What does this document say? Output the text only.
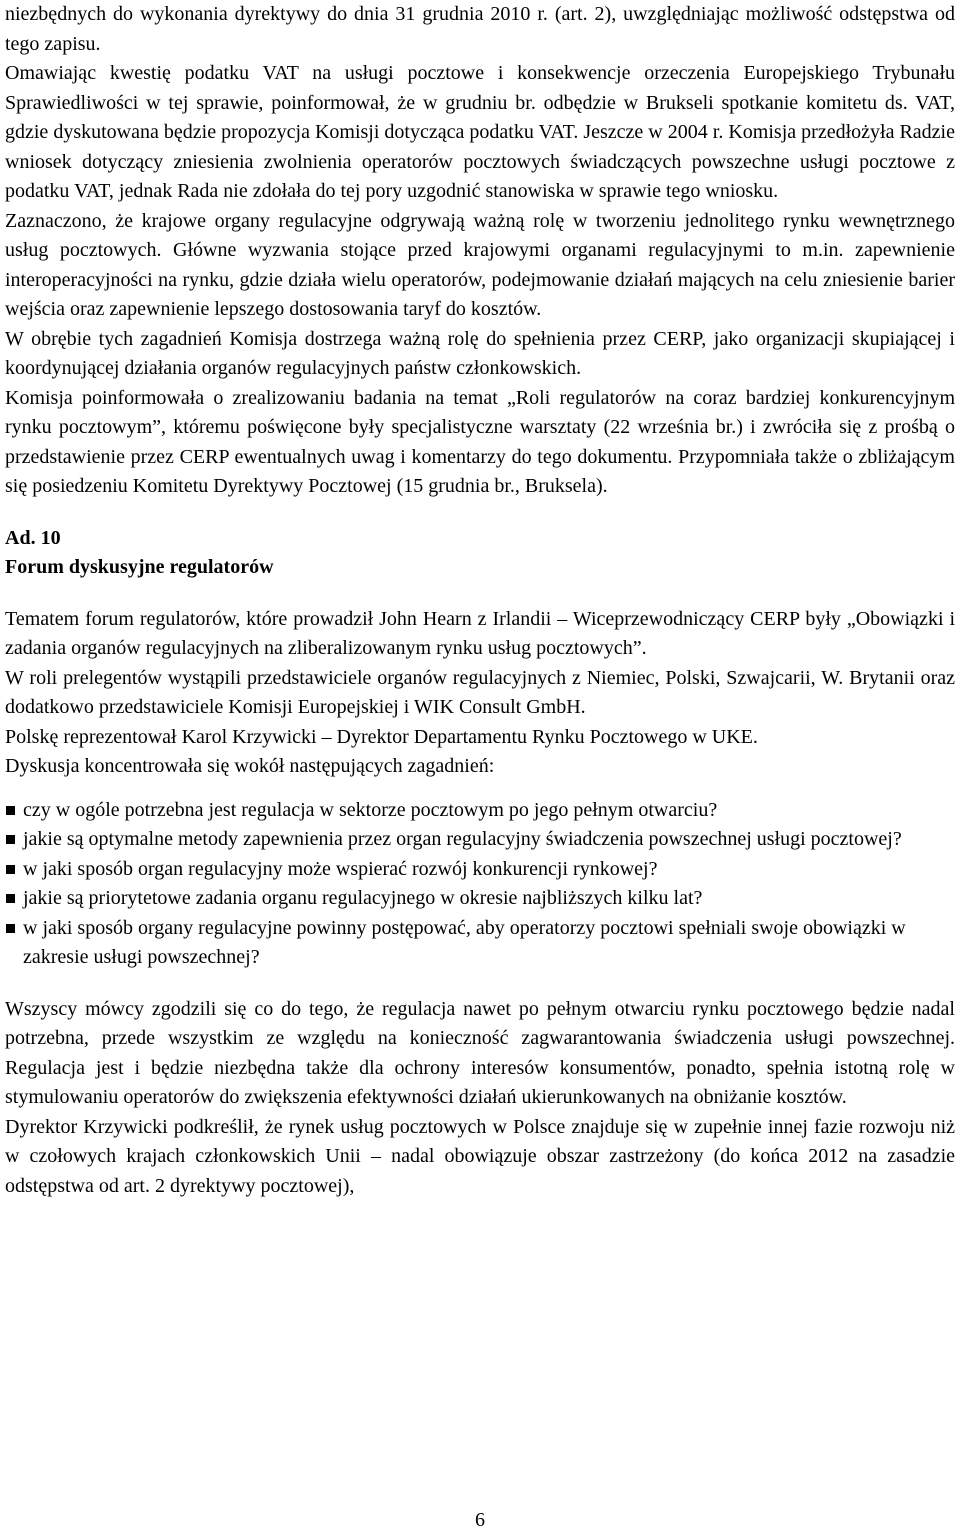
niezbędnych do wykonania dyrektywy do dnia 31 grudnia 2010 r. (art. 2), uwzględniając możliwość odstępstwa od tego zapisu.

Omawiając kwestię podatku VAT na usługi pocztowe i konsekwencje orzeczenia Europejskiego Trybunału Sprawiedliwości w tej sprawie, poinformował, że w grudniu br. odbędzie w Brukseli spotkanie komitetu ds. VAT, gdzie dyskutowana będzie propozycja Komisji dotycząca podatku VAT. Jeszcze w 2004 r. Komisja przedłożyła Radzie wniosek dotyczący zniesienia zwolnienia operatorów pocztowych świadczących powszechne usługi pocztowe z podatku VAT, jednak Rada nie zdołała do tej pory uzgodnić stanowiska w sprawie tego wniosku.

Zaznaczono, że krajowe organy regulacyjne odgrywają ważną rolę w tworzeniu jednolitego rynku wewnętrznego usług pocztowych. Główne wyzwania stojące przed krajowymi organami regulacyjnymi to m.in. zapewnienie interoperacyjności na rynku, gdzie działa wielu operatorów, podejmowanie działań mających na celu zniesienie barier wejścia oraz zapewnienie lepszego dostosowania taryf do kosztów.

W obrębie tych zagadnień Komisja dostrzega ważną rolę do spełnienia przez CERP, jako organizacji skupiającej i koordynującej działania organów regulacyjnych państw członkowskich.

Komisja poinformowała o zrealizowaniu badania na temat „Roli regulatorów na coraz bardziej konkurencyjnym rynku pocztowym”, któremu poświęcone były specjalistyczne warsztaty (22 września br.) i zwróciła się z prośbą o przedstawienie przez CERP ewentualnych uwag i komentarzy do tego dokumentu. Przypomniała także o zbliżającym się posiedzeniu Komitetu Dyrektywy Pocztowej (15 grudnia br., Bruksela).

Ad. 10
Forum dyskusyjne regulatorów

Tematem forum regulatorów, które prowadził John Hearn z Irlandii – Wiceprzewodniczący CERP były „Obowiązki i zadania organów regulacyjnych na zliberalizowanym rynku usług pocztowych”.

W roli prelegentów wystąpili przedstawiciele organów regulacyjnych z Niemiec, Polski, Szwajcarii, W. Brytanii oraz dodatkowo przedstawiciele Komisji Europejskiej i WIK Consult GmbH.

Polskę reprezentował Karol Krzywicki – Dyrektor Departamentu Rynku Pocztowego w UKE.

Dyskusja koncentrowała się wokół następujących zagadnień:

czy w ogóle potrzebna jest regulacja w sektorze pocztowym po jego pełnym otwarciu?
jakie są optymalne metody zapewnienia przez organ regulacyjny świadczenia powszechnej usługi pocztowej?
w jaki sposób organ regulacyjny może wspierać rozwój konkurencji rynkowej?
jakie są priorytetowe zadania organu regulacyjnego w okresie najbliższych kilku lat?
w jaki sposób organy regulacyjne powinny postępować, aby operatorzy pocztowi spełniali swoje obowiązki w zakresie usługi powszechnej?

Wszyscy mówcy zgodzili się co do tego, że regulacja nawet po pełnym otwarciu rynku pocztowego będzie nadal potrzebna, przede wszystkim ze względu na konieczność zagwarantowania świadczenia usługi powszechnej. Regulacja jest i będzie niezbędna także dla ochrony interesów konsumentów, ponadto, spełnia istotną rolę w stymulowaniu operatorów do zwiększenia efektywności działań ukierunkowanych na obniżanie kosztów.

Dyrektor Krzywicki podkreślił, że rynek usług pocztowych w Polsce znajduje się w zupełnie innej fazie rozwoju niż w czołowych krajach członkowskich Unii – nadal obowiązuje obszar zastrzeżony (do końca 2012 na zasadzie odstępstwa od art. 2 dyrektywy pocztowej),

6
